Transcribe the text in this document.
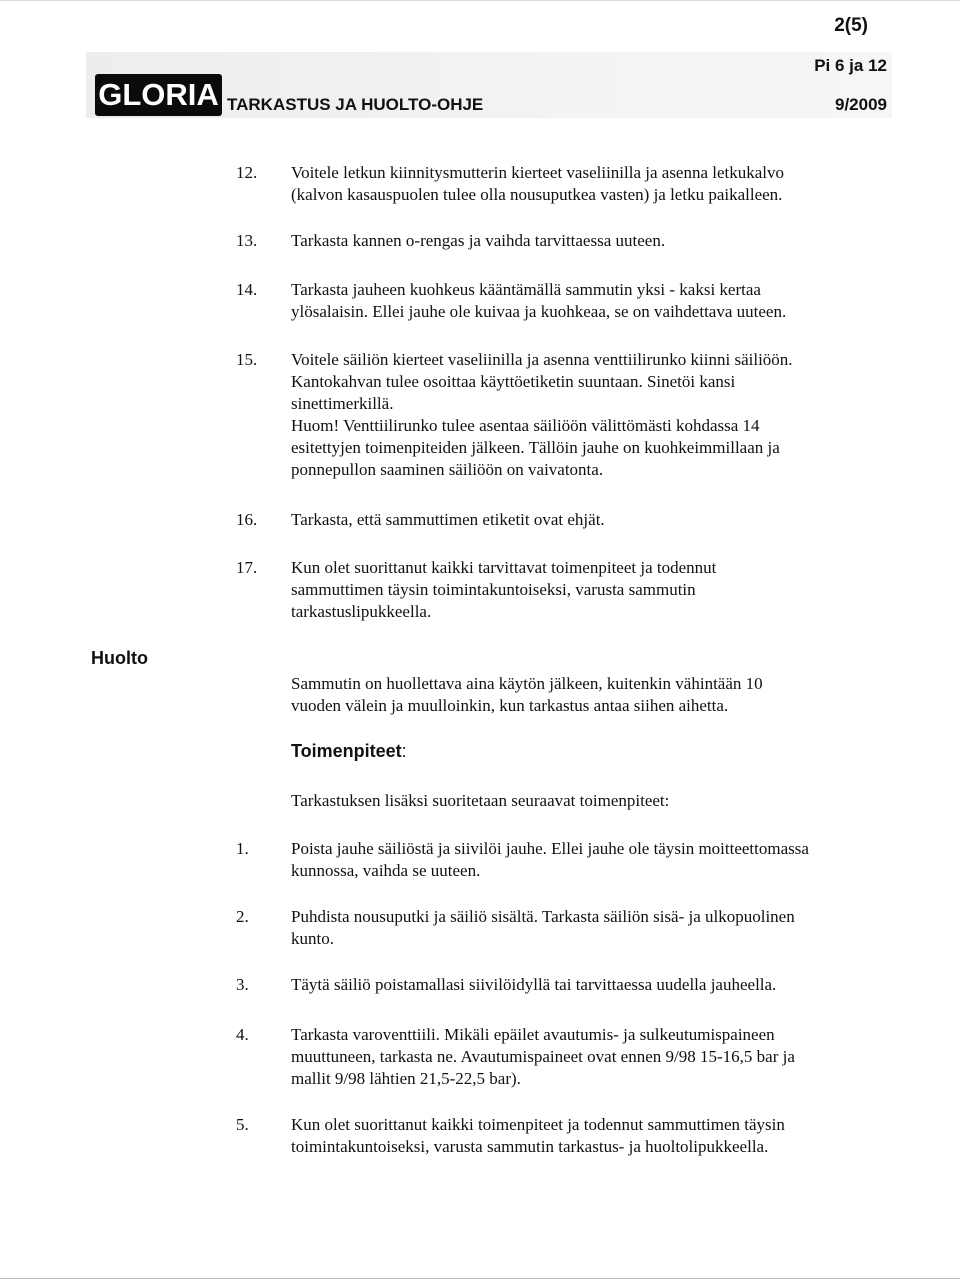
2(5)
GLORIA TARKASTUS JA HUOLTO-OHJE
Pi 6 ja 12
9/2009
12.	Voitele letkun kiinnitysmutterin kierteet vaseliinilla ja asenna letkukalvo

(kalvon kasauspuolen tulee olla nousuputkea vasten) ja letku paikalleen.

13.	Tarkasta kannen o-rengas ja vaihda tarvittaessa uuteen.

14.	Tarkasta jauheen kuohkeus kääntämällä sammutin yksi - kaksi kertaa

ylösalaisin. Ellei jauhe ole kuivaa ja kuohkeaa, se on vaihdettava uuteen.

15.	Voitele säiliön kierteet vaseliinilla ja asenna venttiilirunko kiinni säiliöön.

Kantokahvan tulee osoittaa käyttöetiketin suuntaan. Sinetöi kansi

sinettimerkillä.

Huom! Venttiilirunko tulee asentaa säiliöön välittömästi kohdassa 14

esitettyjen toimenpiteiden jälkeen. Tällöin jauhe on kuohkeimmillaan ja

ponnepullon saaminen säiliöön on vaivatonta.

16.	Tarkasta, että sammuttimen etiketit ovat ehjät.

17.	Kun olet suorittanut kaikki tarvittavat toimenpiteet ja todennut

sammuttimen täysin toimintakuntoiseksi, varusta sammutin

tarkastuslipukkeella.

Huolto
Sammutin on huollettava aina käytön jälkeen, kuitenkin vähintään 10
vuoden välein ja muulloinkin, kun tarkastus antaa siihen aihetta.
Toimenpiteet:
Tarkastuksen lisäksi suoritetaan seuraavat toimenpiteet:
1.	Poista jauhe säiliöstä ja siivilöi jauhe. Ellei jauhe ole täysin moitteettomassa

kunnossa, vaihda se uuteen.

2.	Puhdista nousuputki ja säiliö sisältä. Tarkasta säiliön sisä- ja ulkopuolinen

kunto.

3.	Täytä säiliö poistamallasi siivilöidyllä tai tarvittaessa uudella jauheella.

4.	Tarkasta varoventtiili. Mikäli epäilet avautumis- ja sulkeutumispaineen

muuttuneen, tarkasta ne. Avautumispaineet ovat ennen 9/98 15-16,5 bar ja

mallit 9/98 lähtien 21,5-22,5 bar).

5.	Kun olet suorittanut kaikki toimenpiteet ja todennut sammuttimen täysin

toimintakuntoiseksi, varusta sammutin tarkastus- ja huoltolipukkeella.
